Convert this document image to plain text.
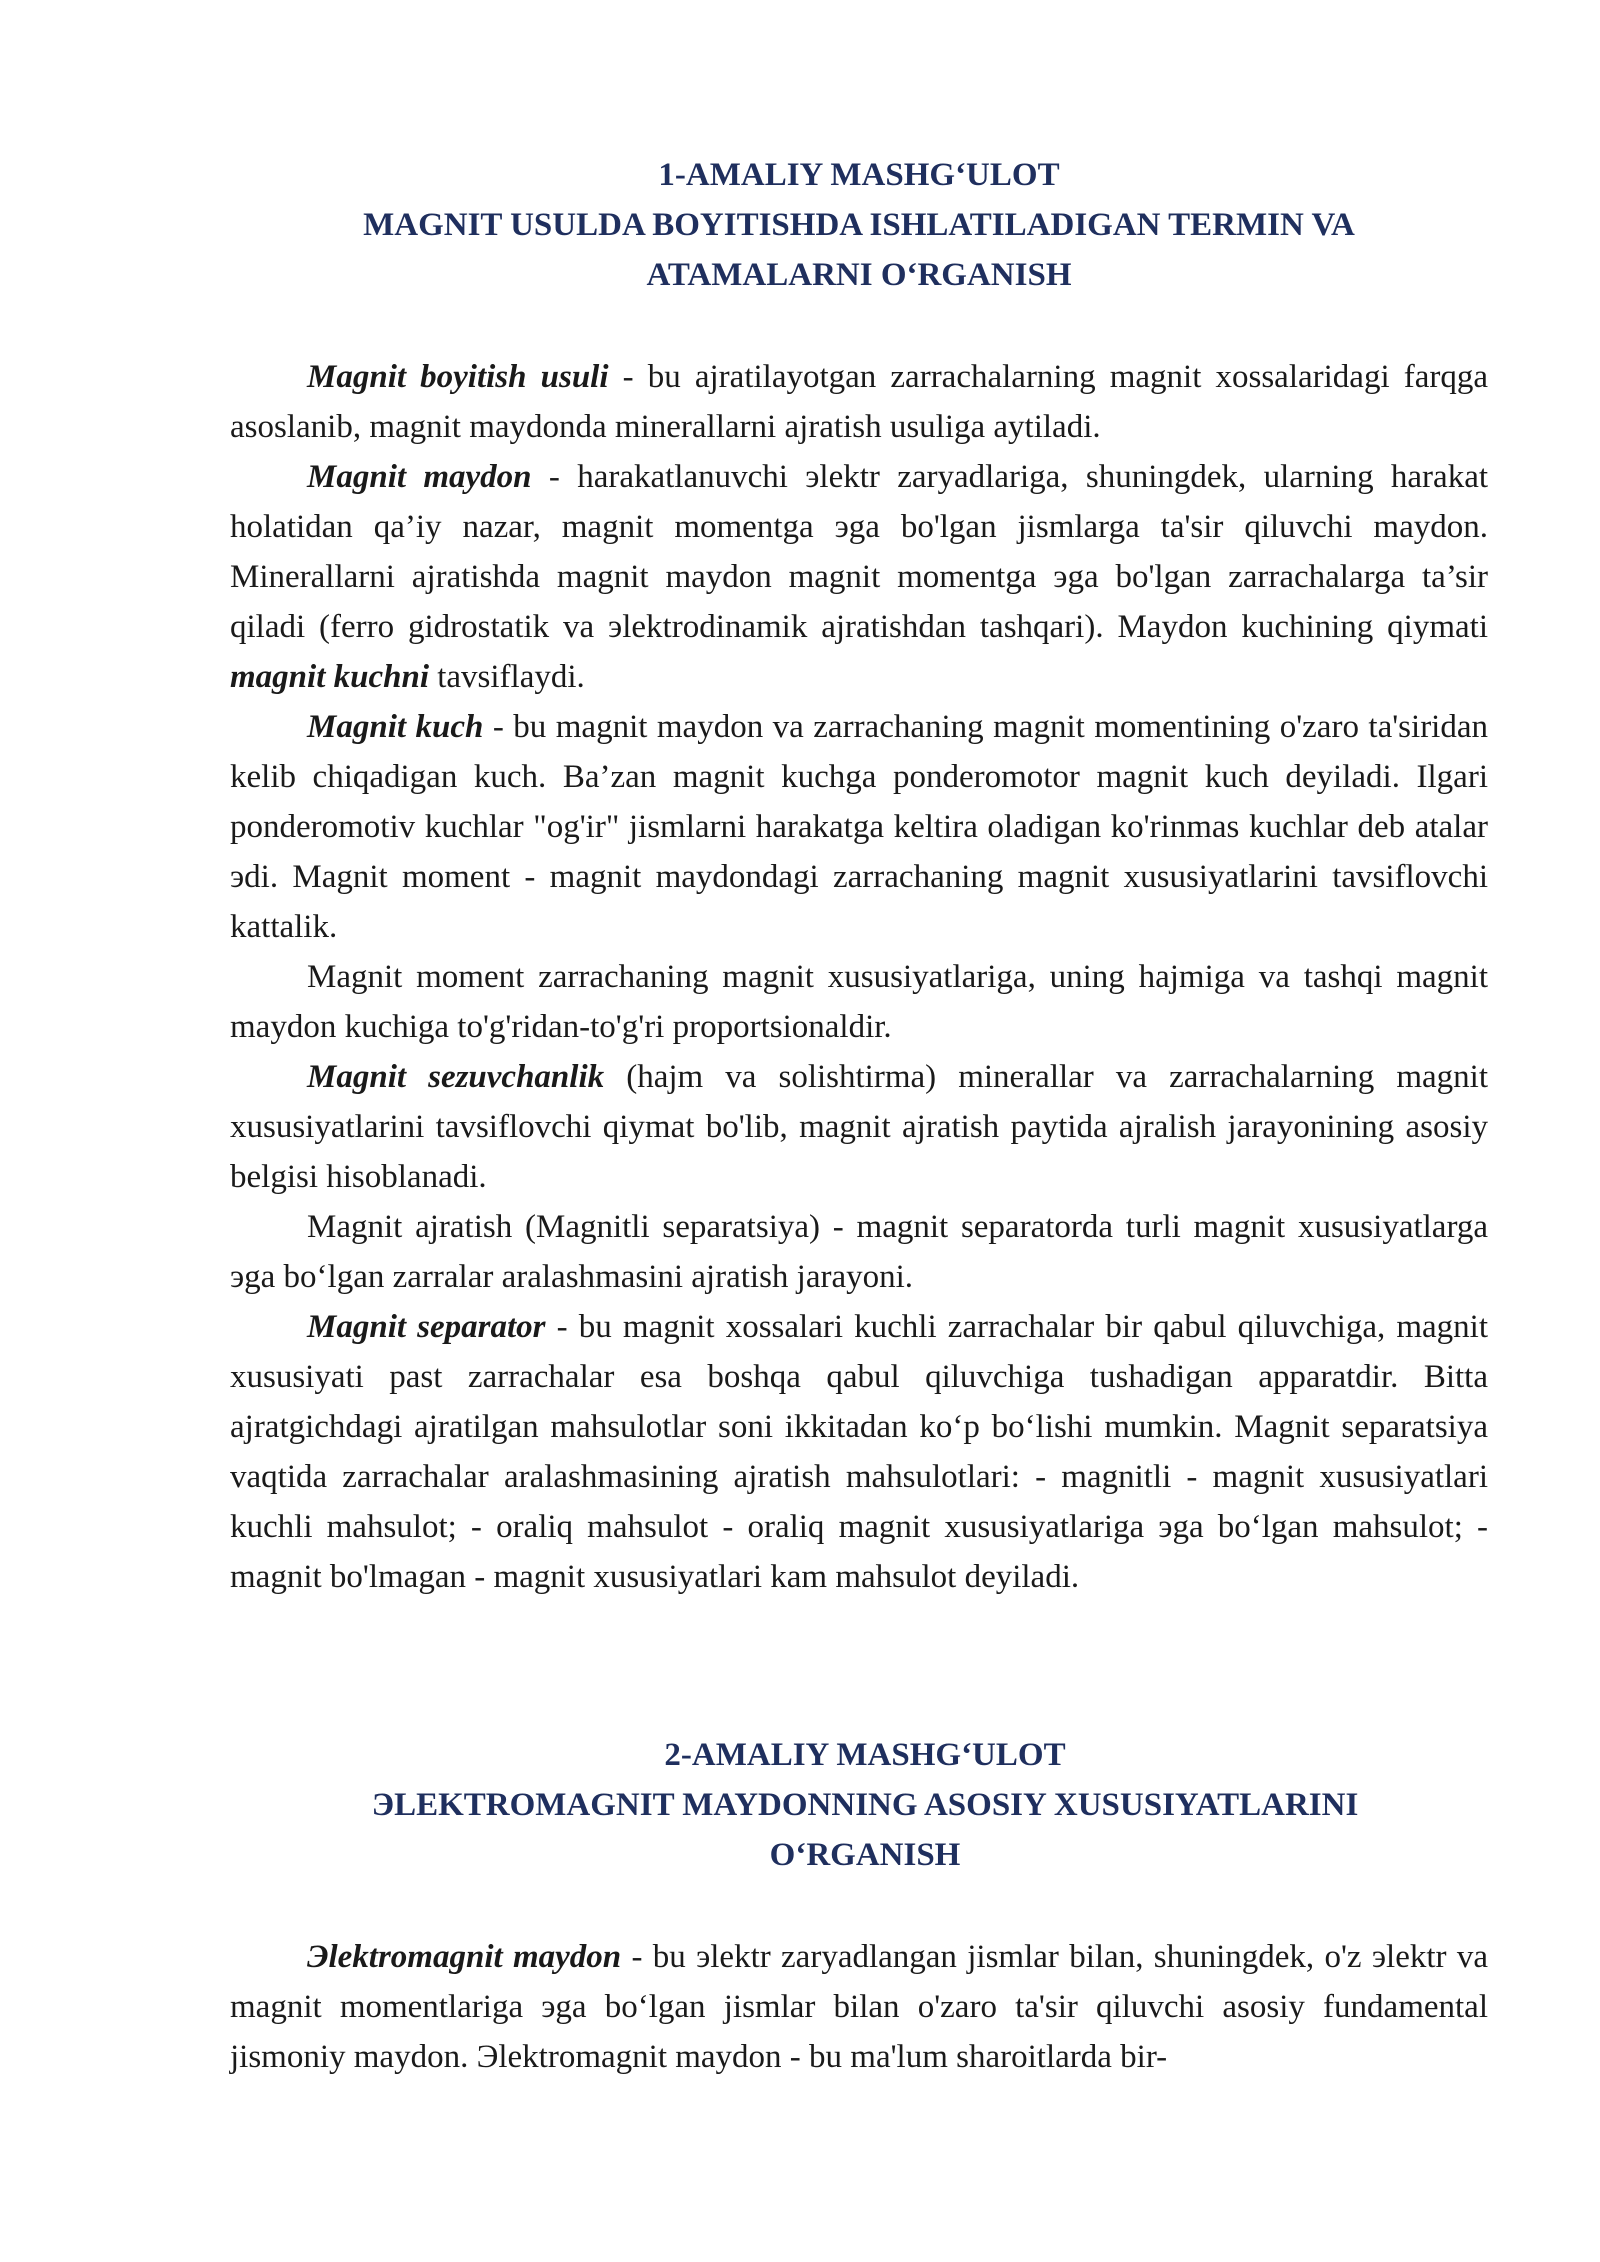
1-AMALIY MASHG‘ULOT
MAGNIT USULDA BOYITISHDA ISHLATILADIGAN TERMIN VA
ATAMALARNI O‘RGANISH

Magnit boyitish usuli - bu ajratilayotgan zarrachalarning magnit xossalaridagi farqga asoslanib, magnit maydonda minerallarni ajratish usuliga aytiladi.

Magnit maydon - harakatlanuvchi эlektr zaryadlariga, shuningdek, ularning harakat holatidan qa’iy nazar, magnit momentga эga bo'lgan jismlarga ta'sir qiluvchi maydon. Minerallarni ajratishda magnit maydon magnit momentga эga bo'lgan zarrachalarga ta’sir qiladi (ferro gidrostatik va эlektrodinamik ajratishdan tashqari). Maydon kuchining qiymati magnit kuchni tavsiflaydi.

Magnit kuch - bu magnit maydon va zarrachaning magnit momentining o'zaro ta'siridan kelib chiqadigan kuch. Ba’zan magnit kuchga ponderomotor magnit kuch deyiladi. Ilgari ponderomotiv kuchlar "og'ir" jismlarni harakatga keltira oladigan ko'rinmas kuchlar deb atalar эdi. Magnit moment - magnit maydondagi zarrachaning magnit xususiyatlarini tavsiflovchi kattalik.

Magnit moment zarrachaning magnit xususiyatlariga, uning hajmiga va tashqi magnit maydon kuchiga to'g'ridan-to'g'ri proportsionaldir.

Magnit sezuvchanlik (hajm va solishtirma) minerallar va zarrachalarning magnit xususiyatlarini tavsiflovchi qiymat bo'lib, magnit ajratish paytida ajralish jarayonining asosiy belgisi hisoblanadi.

Magnit ajratish (Magnitli separatsiya) - magnit separatorda turli magnit xususiyatlarga эga bo‘lgan zarralar aralashmasini ajratish jarayoni.

Magnit separator - bu magnit xossalari kuchli zarrachalar bir qabul qiluvchiga, magnit xususiyati past zarrachalar esa boshqa qabul qiluvchiga tushadigan apparatdir. Bitta ajratgichdagi ajratilgan mahsulotlar soni ikkitadan ko‘p bo‘lishi mumkin. Magnit separatsiya vaqtida zarrachalar aralashmasining ajratish mahsulotlari: - magnitli - magnit xususiyatlari kuchli mahsulot; - oraliq mahsulot - oraliq magnit xususiyatlariga эga bo‘lgan mahsulot; - magnit bo'lmagan - magnit xususiyatlari kam mahsulot deyiladi.

2-AMALIY MASHG‘ULOT
ЭLEKTROMAGNIT MAYDONNING ASOSIY XUSUSIYATLARINI
O‘RGANISH

Эlektromagnit maydon - bu эlektr zaryadlangan jismlar bilan, shuningdek, o'z эlektr va magnit momentlariga эga bo‘lgan jismlar bilan o'zaro ta'sir qiluvchi asosiy fundamental jismoniy maydon. Эlektromagnit maydon - bu ma'lum sharoitlarda bir-
